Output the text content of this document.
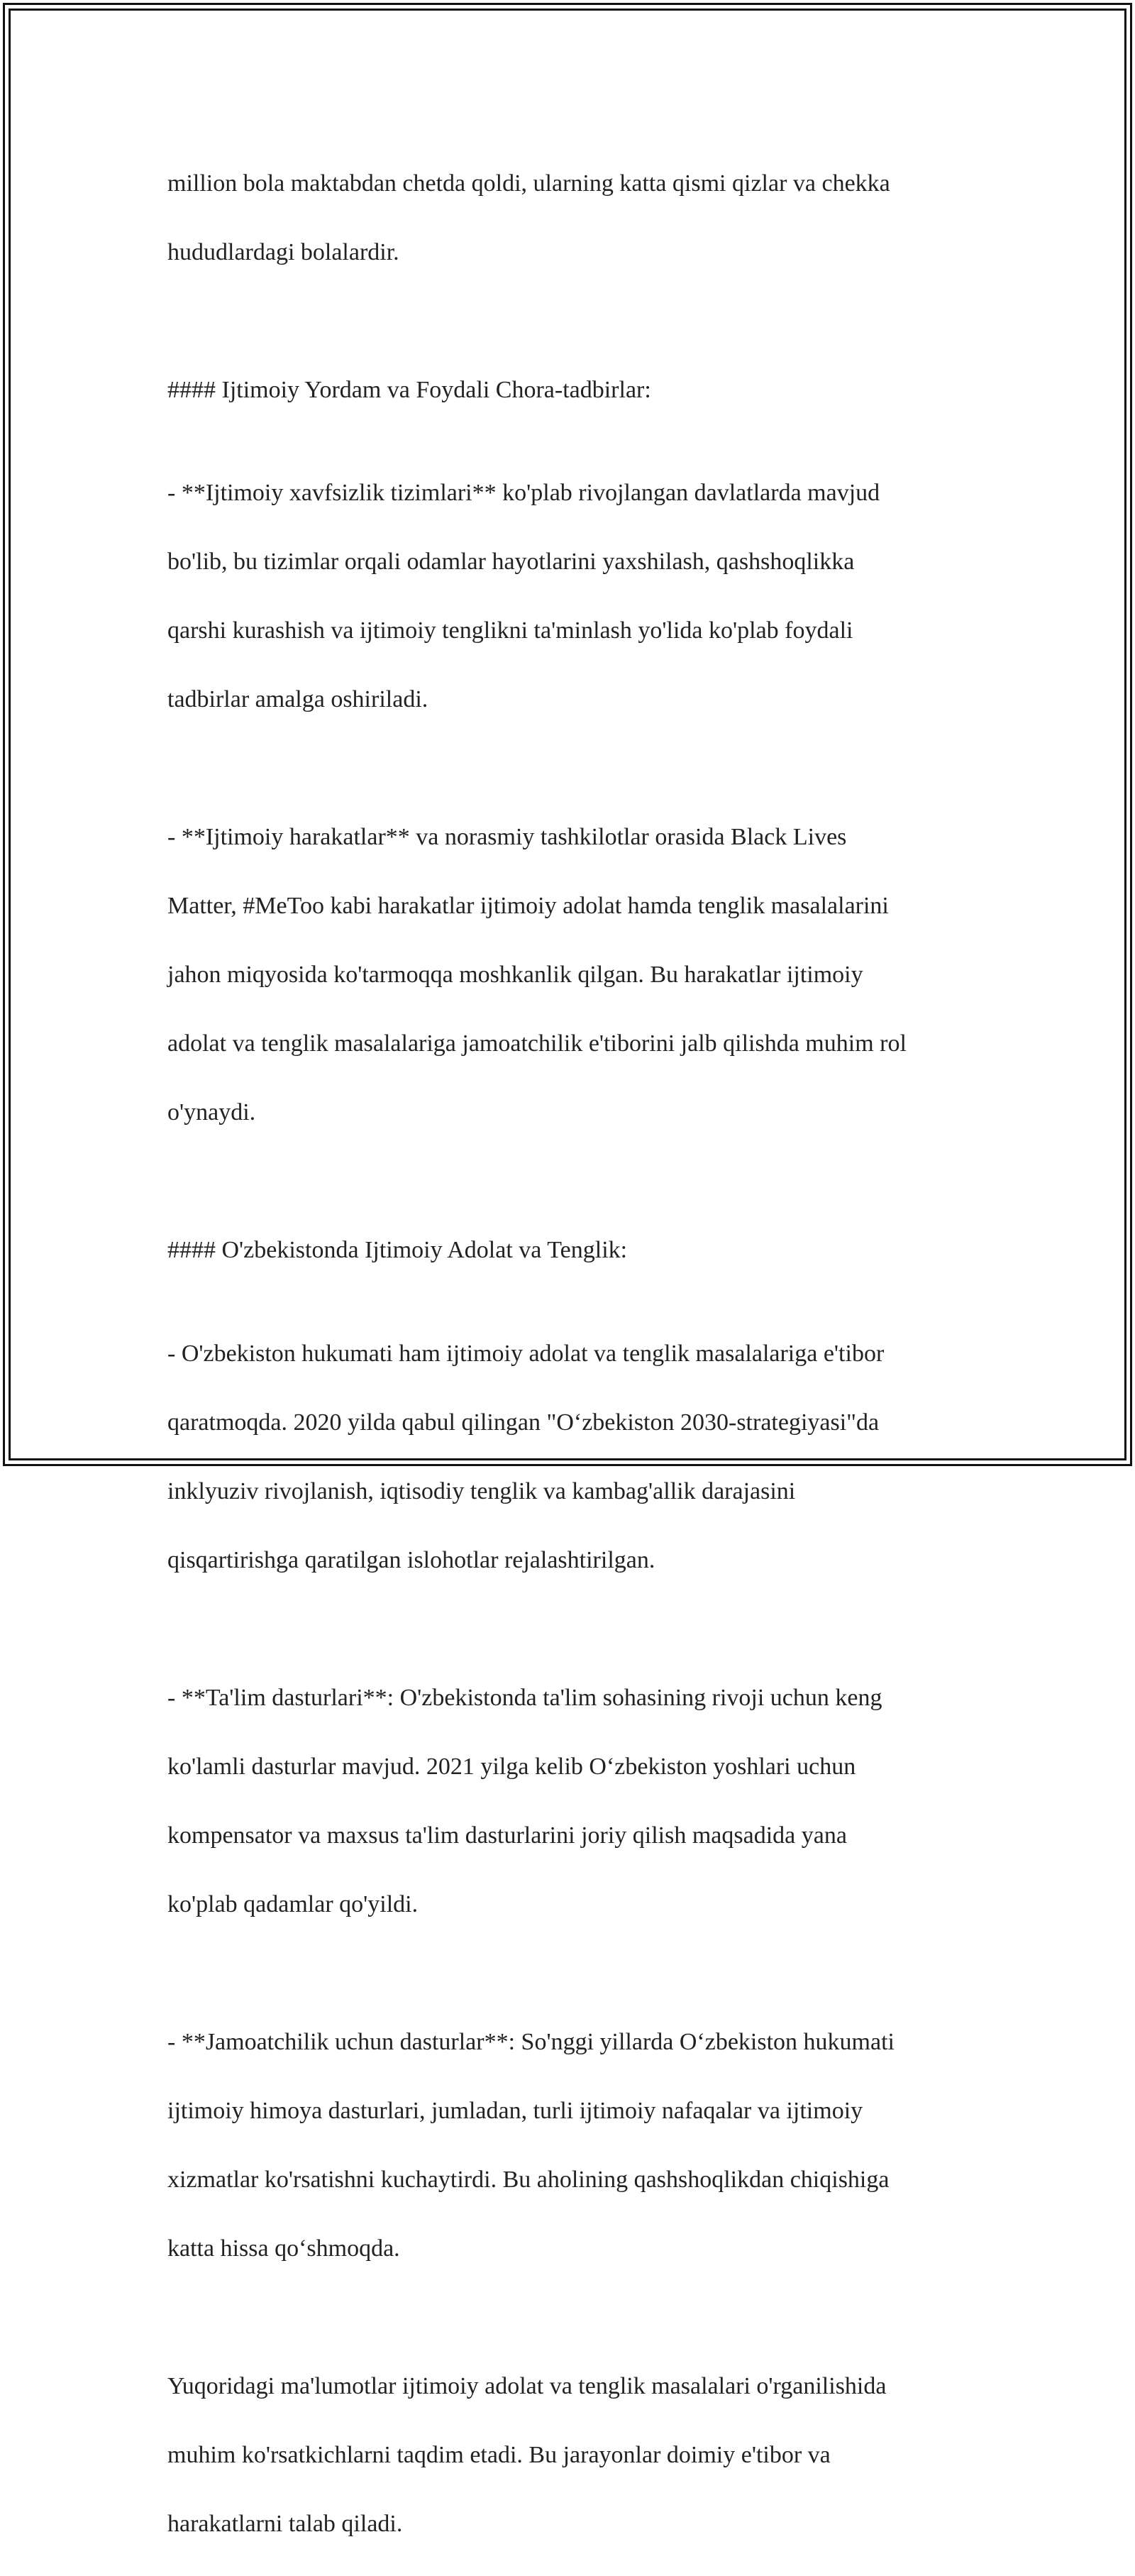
million bola maktabdan chetda qoldi, ularning katta qismi qizlar va chekka

hududlardagi bolalardir.

#### Ijtimoiy Yordam va Foydali Chora-tadbirlar:

- **Ijtimoiy xavfsizlik tizimlari** ko'plab rivojlangan davlatlarda mavjud

bo'lib, bu tizimlar orqali odamlar hayotlarini yaxshilash, qashshoqlikka

qarshi kurashish va ijtimoiy tenglikni ta'minlash yo'lida ko'plab foydali

tadbirlar amalga oshiriladi.

- **Ijtimoiy harakatlar** va norasmiy tashkilotlar orasida Black Lives

Matter, #MeToo kabi harakatlar ijtimoiy adolat hamda tenglik masalalarini

jahon miqyosida ko'tarmoqqa moshkanlik qilgan. Bu harakatlar ijtimoiy

adolat va tenglik masalalariga jamoatchilik e'tiborini jalb qilishda muhim rol

o'ynaydi.

#### O'zbekistonda Ijtimoiy Adolat va Tenglik:

- O'zbekiston hukumati ham ijtimoiy adolat va tenglik masalalariga e'tibor

qaratmoqda. 2020 yilda qabul qilingan "O‘zbekiston 2030-strategiyasi"da

inklyuziv rivojlanish, iqtisodiy tenglik va kambag'allik darajasini

qisqartirishga qaratilgan islohotlar rejalashtirilgan.

- **Ta'lim dasturlari**: O'zbekistonda ta'lim sohasining rivoji uchun keng

ko'lamli dasturlar mavjud. 2021 yilga kelib O‘zbekiston yoshlari uchun

kompensator va maxsus ta'lim dasturlarini joriy qilish maqsadida yana

ko'plab qadamlar qo'yildi.

- **Jamoatchilik uchun dasturlar**: So'nggi yillarda O‘zbekiston hukumati

ijtimoiy himoya dasturlari, jumladan, turli ijtimoiy nafaqalar va ijtimoiy

xizmatlar ko'rsatishni kuchaytirdi. Bu aholining qashshoqlikdan chiqishiga

katta hissa qo‘shmoqda.

Yuqoridagi ma'lumotlar ijtimoiy adolat va tenglik masalalari o'rganilishida

muhim ko'rsatkichlarni taqdim etadi. Bu jarayonlar doimiy e'tibor va

harakatlarni talab qiladi.
